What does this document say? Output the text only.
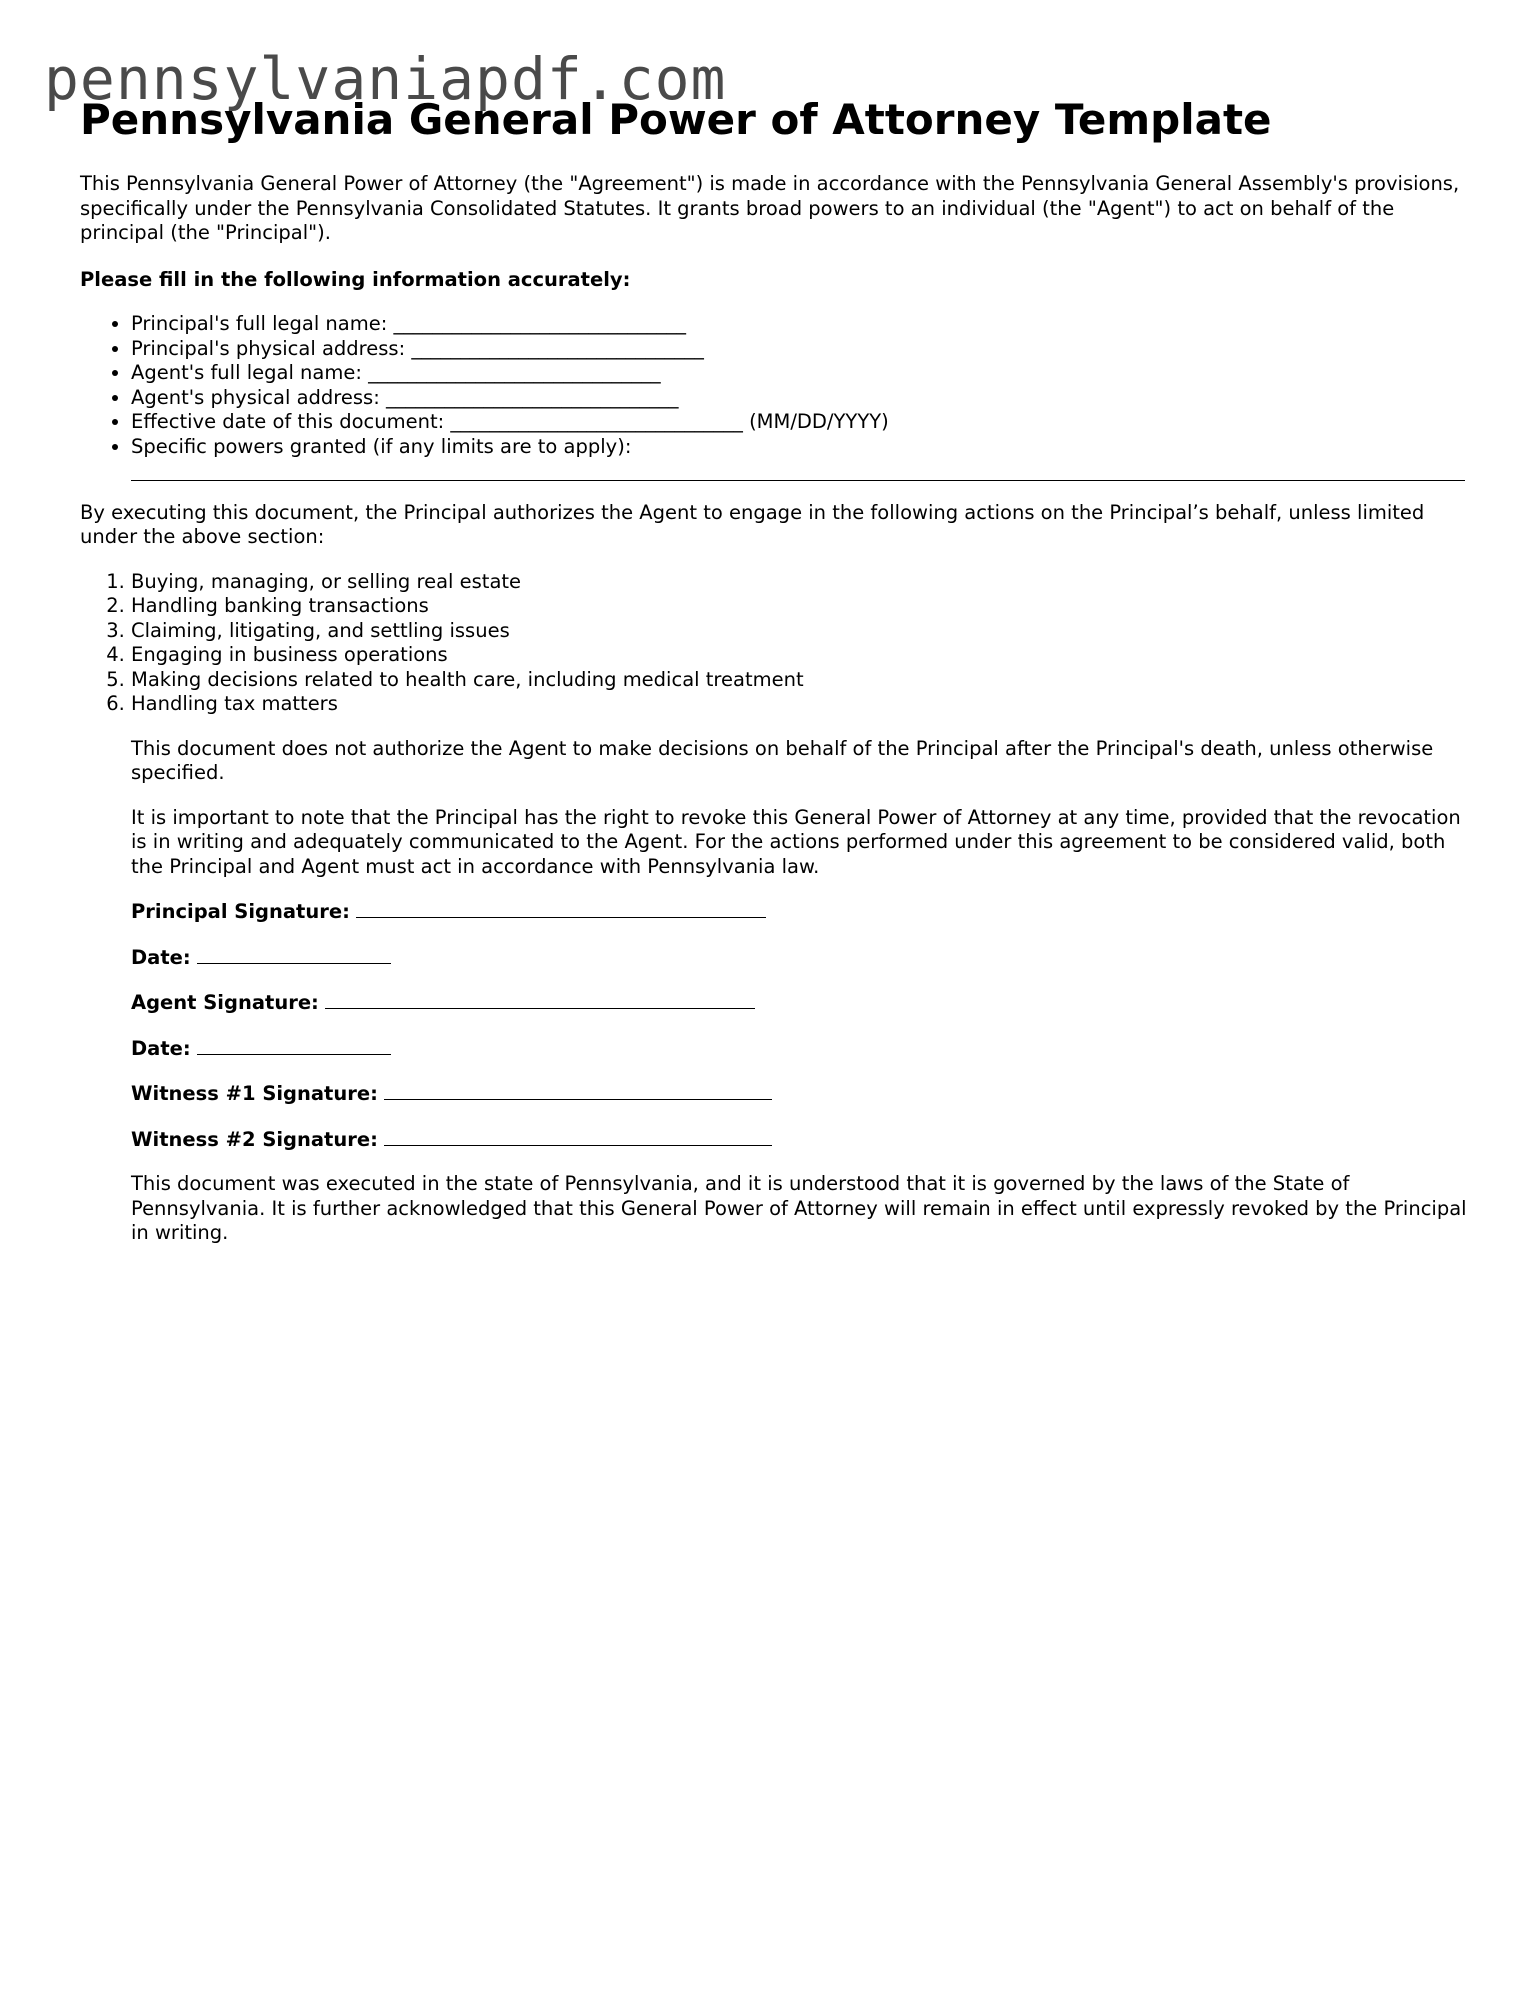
pennsylvaniapdf.com
Pennsylvania General Power of Attorney Template

This Pennsylvania General Power of Attorney (the "Agreement") is made in accordance with the Pennsylvania General Assembly's provisions, specifically under the Pennsylvania Consolidated Statutes. It grants broad powers to an individual (the "Agent") to act on behalf of the principal (the "Principal").

Please fill in the following information accurately:

• Principal's full legal name: ______________________________
• Principal's physical address: ______________________________
• Agent's full legal name: ______________________________
• Agent's physical address: ______________________________
• Effective date of this document: ______________________________ (MM/DD/YYYY)
• Specific powers granted (if any limits are to apply):

By executing this document, the Principal authorizes the Agent to engage in the following actions on the Principal’s behalf, unless limited under the above section:

1. Buying, managing, or selling real estate
2. Handling banking transactions
3. Claiming, litigating, and settling issues
4. Engaging in business operations
5. Making decisions related to health care, including medical treatment
6. Handling tax matters

This document does not authorize the Agent to make decisions on behalf of the Principal after the Principal's death, unless otherwise specified.

It is important to note that the Principal has the right to revoke this General Power of Attorney at any time, provided that the revocation is in writing and adequately communicated to the Agent. For the actions performed under this agreement to be considered valid, both the Principal and Agent must act in accordance with Pennsylvania law.

Principal Signature:

Date:

Agent Signature:

Date:

Witness #1 Signature:

Witness #2 Signature:

This document was executed in the state of Pennsylvania, and it is understood that it is governed by the laws of the State of Pennsylvania. It is further acknowledged that this General Power of Attorney will remain in effect until expressly revoked by the Principal in writing.
